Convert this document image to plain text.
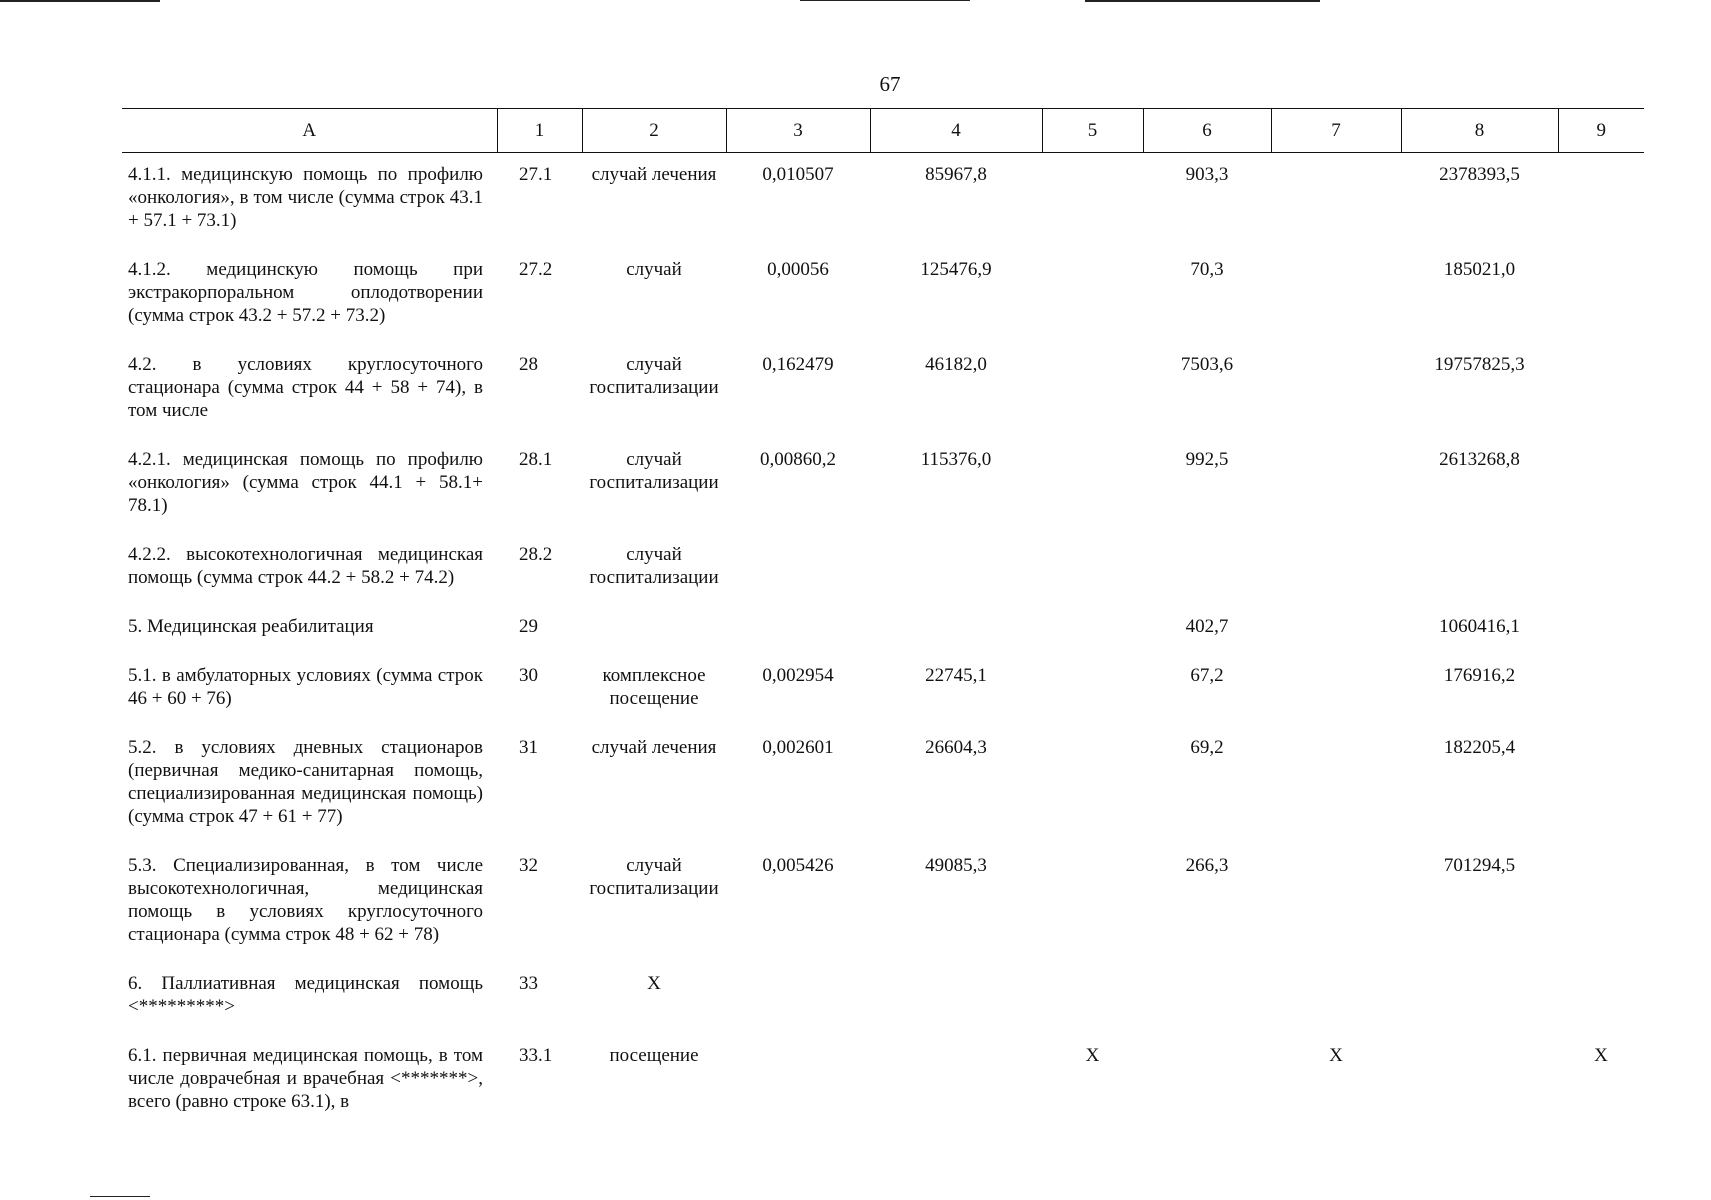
67
А	1	2	3	4	5	6	7	8	9
4.1.1. медицинскую помощь по профилю «онкология», в том числе (сумма строк 43.1 + 57.1 + 73.1)	27.1	случай лечения	0,010507	85967,8		903,3		2378393,5	
4.1.2. медицинскую помощь при экстракорпоральном оплодотворении (сумма строк 43.2 + 57.2 + 73.2)	27.2	случай	0,00056	125476,9		70,3		185021,0	
4.2. в условиях круглосуточного стационара (сумма строк 44 + 58 + 74), в том числе	28	случай госпитализации	0,162479	46182,0		7503,6		19757825,3	
4.2.1. медицинская помощь по профилю «онкология» (сумма строк 44.1 + 58.1+ 78.1)	28.1	случай госпитализации	0,00860,2	115376,0		992,5		2613268,8	
4.2.2. высокотехнологичная медицинская помощь (сумма строк 44.2 + 58.2 + 74.2)	28.2	случай госпитализации							
5. Медицинская реабилитация	29					402,7		1060416,1	
5.1. в амбулаторных условиях (сумма строк 46 + 60 + 76)	30	комплексное посещение	0,002954	22745,1		67,2		176916,2	
5.2. в условиях дневных стационаров (первичная медико-санитарная помощь, специализированная медицинская помощь) (сумма строк 47 + 61 + 77)	31	случай лечения	0,002601	26604,3		69,2		182205,4	
5.3. Специализированная, в том числе высокотехнологичная, медицинская помощь в условиях круглосуточного стационара (сумма строк 48 + 62 + 78)	32	случай госпитализации	0,005426	49085,3		266,3		701294,5	
6. Паллиативная медицинская помощь <*********>	33	X							
6.1. первичная медицинская помощь, в том числе доврачебная и врачебная <*******>, всего (равно строке 63.1), в	33.1	посещение			X		X		X
